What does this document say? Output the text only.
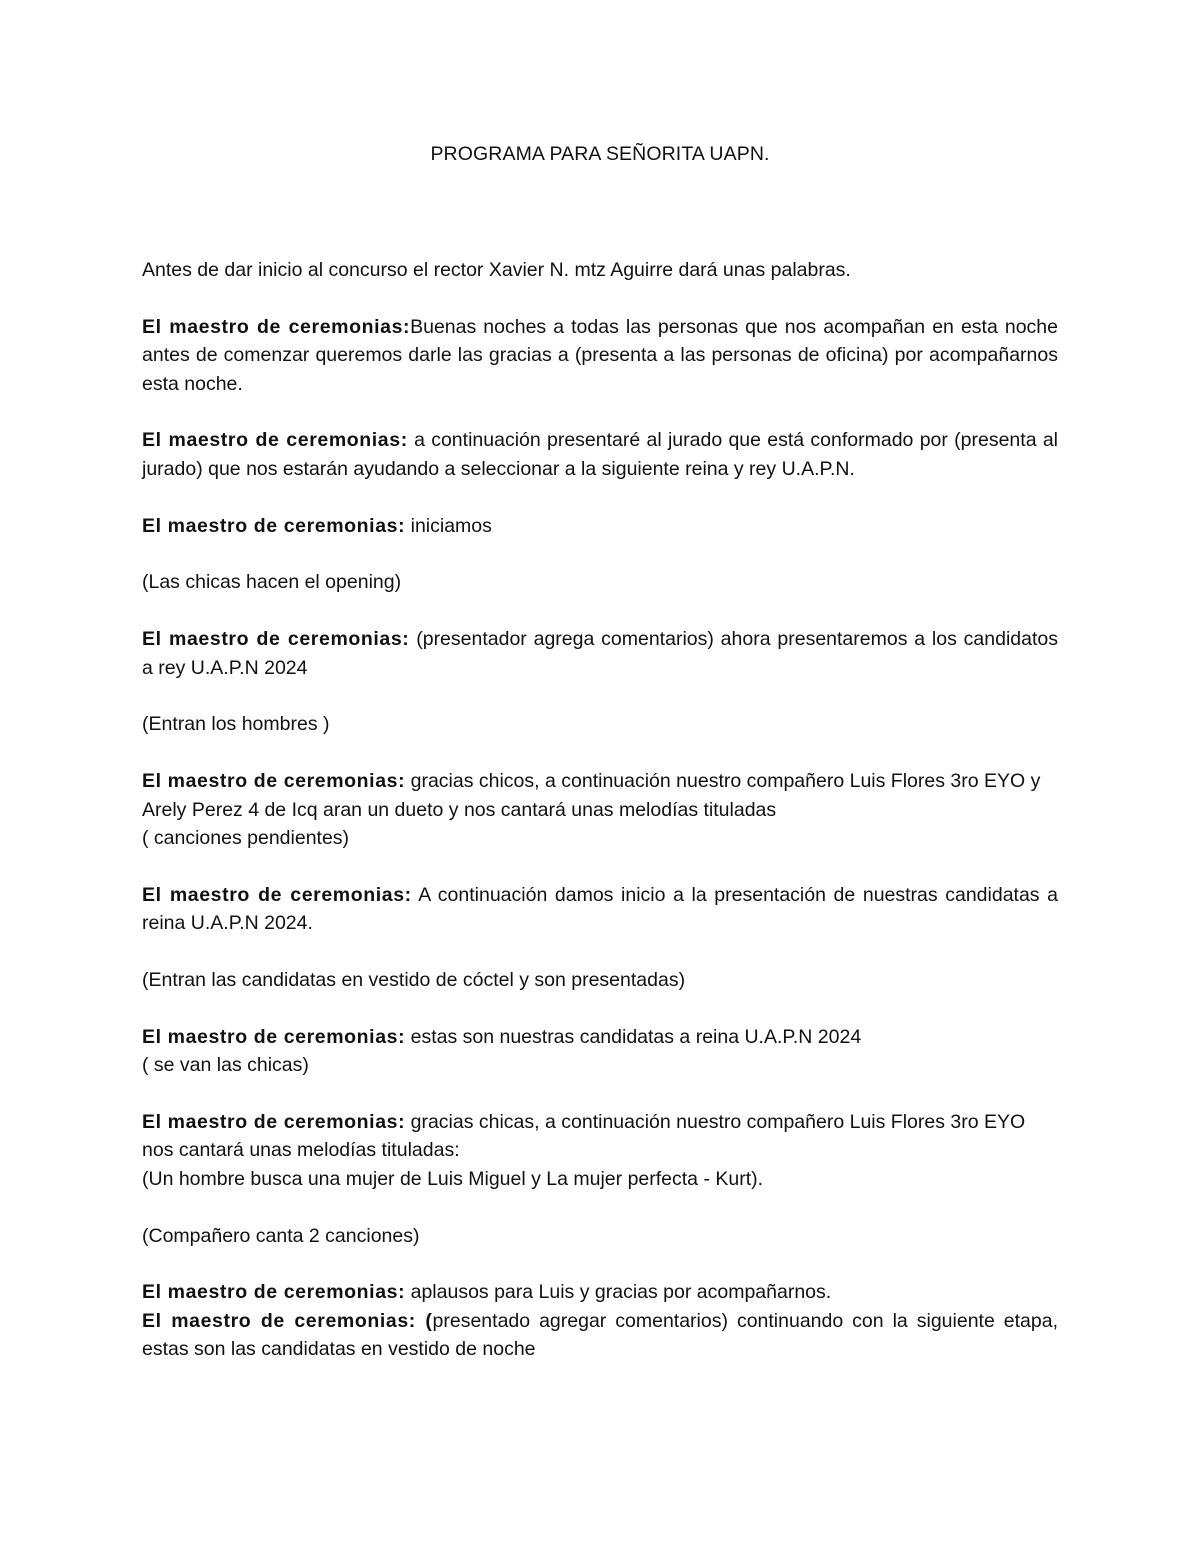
PROGRAMA PARA SEÑORITA UAPN.

Antes de dar inicio al concurso el rector Xavier N. mtz Aguirre dará unas palabras.

El maestro de ceremonias:Buenas noches a todas las personas que nos acompañan en esta noche antes de comenzar queremos darle las gracias a (presenta a las personas de oficina) por acompañarnos esta noche.

El maestro de ceremonias: a continuación presentaré al jurado que está conformado por (presenta al jurado) que nos estarán ayudando a seleccionar a la siguiente reina y rey U.A.P.N.

El maestro de ceremonias: iniciamos

(Las chicas hacen el opening)

El maestro de ceremonias: (presentador agrega comentarios) ahora presentaremos a los candidatos a rey U.A.P.N 2024

(Entran los hombres )

El maestro de ceremonias: gracias chicos, a continuación nuestro compañero Luis Flores 3ro EYO y Arely Perez 4 de Icq aran un dueto y nos cantará unas melodías tituladas
( canciones pendientes)

El maestro de ceremonias: A continuación damos inicio a la presentación de nuestras candidatas a reina U.A.P.N 2024.

(Entran las candidatas en vestido de cóctel y son presentadas)

El maestro de ceremonias: estas son nuestras candidatas a reina U.A.P.N 2024
( se van las chicas)

El maestro de ceremonias: gracias chicas, a continuación nuestro compañero Luis Flores 3ro EYO nos cantará unas melodías tituladas:
(Un hombre busca una mujer de Luis Miguel y La mujer perfecta - Kurt).

(Compañero canta 2 canciones)

El maestro de ceremonias: aplausos para Luis y gracias por acompañarnos.

El maestro de ceremonias: (presentado agregar comentarios) continuando con la siguiente etapa, estas son las candidatas en vestido de noche
